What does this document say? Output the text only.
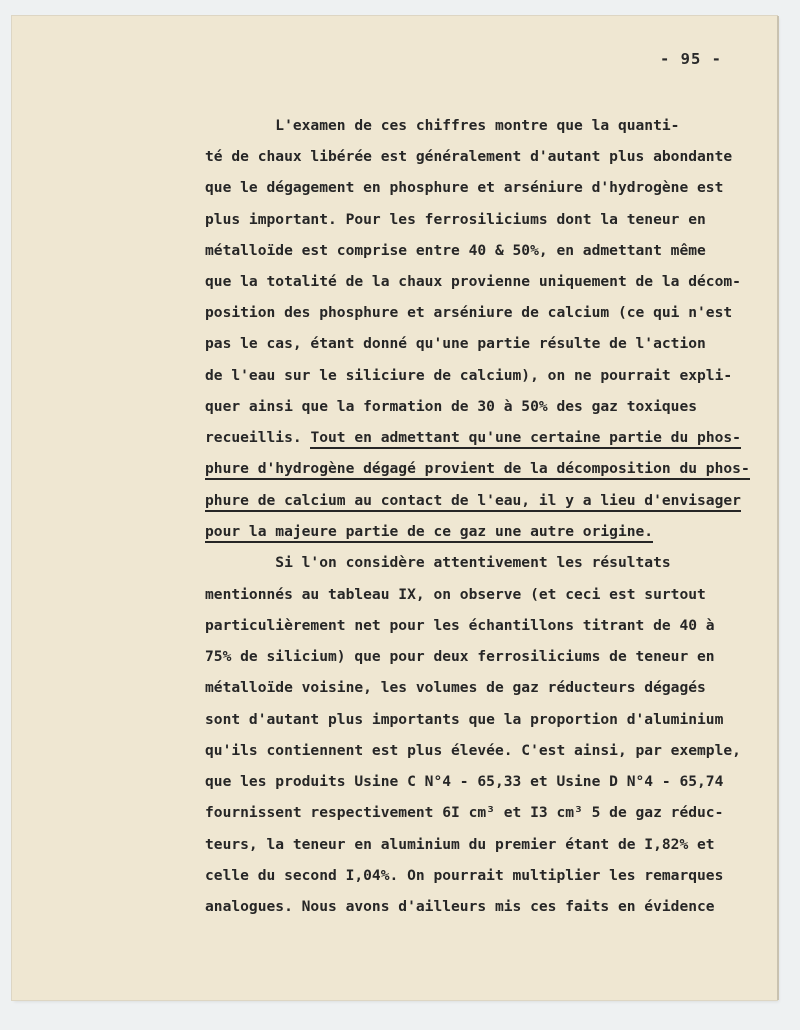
- 95 -
L'examen de ces chiffres montre que la quanti-
té de chaux libérée est généralement d'autant plus abondante
que le dégagement en phosphure et arséniure d'hydrogène est
plus important. Pour les ferrosiliciums dont la teneur en
métalloïde est comprise entre 40 & 50%, en admettant même
que la totalité de la chaux provienne uniquement de la décom-
position des phosphure et arséniure de calcium (ce qui n'est
pas le cas, étant donné qu'une partie résulte de l'action
de l'eau sur le siliciure de calcium), on ne pourrait expli-
quer ainsi que la formation de 30 à 50% des gaz toxiques
recueillis. Tout en admettant qu'une certaine partie du phos-
phure d'hydrogène dégagé provient de la décomposition du phos-
phure de calcium au contact de l'eau, il y a lieu d'envisager
pour la majeure partie de ce gaz une autre origine.
Si l'on considère attentivement les résultats
mentionnés au tableau IX, on observe (et ceci est surtout
particulièrement net pour les échantillons titrant de 40 à
75% de silicium) que pour deux ferrosiliciums de teneur en
métalloïde voisine, les volumes de gaz réducteurs dégagés
sont d'autant plus importants que la proportion d'aluminium
qu'ils contiennent est plus élevée. C'est ainsi, par exemple,
que les produits Usine C N°4 - 65,33 et Usine D N°4 - 65,74
fournissent respectivement 6I cm³ et I3 cm³ 5 de gaz réduc-
teurs, la teneur en aluminium du premier étant de I,82% et
celle du second I,04%. On pourrait multiplier les remarques
analogues. Nous avons d'ailleurs mis ces faits en évidence
